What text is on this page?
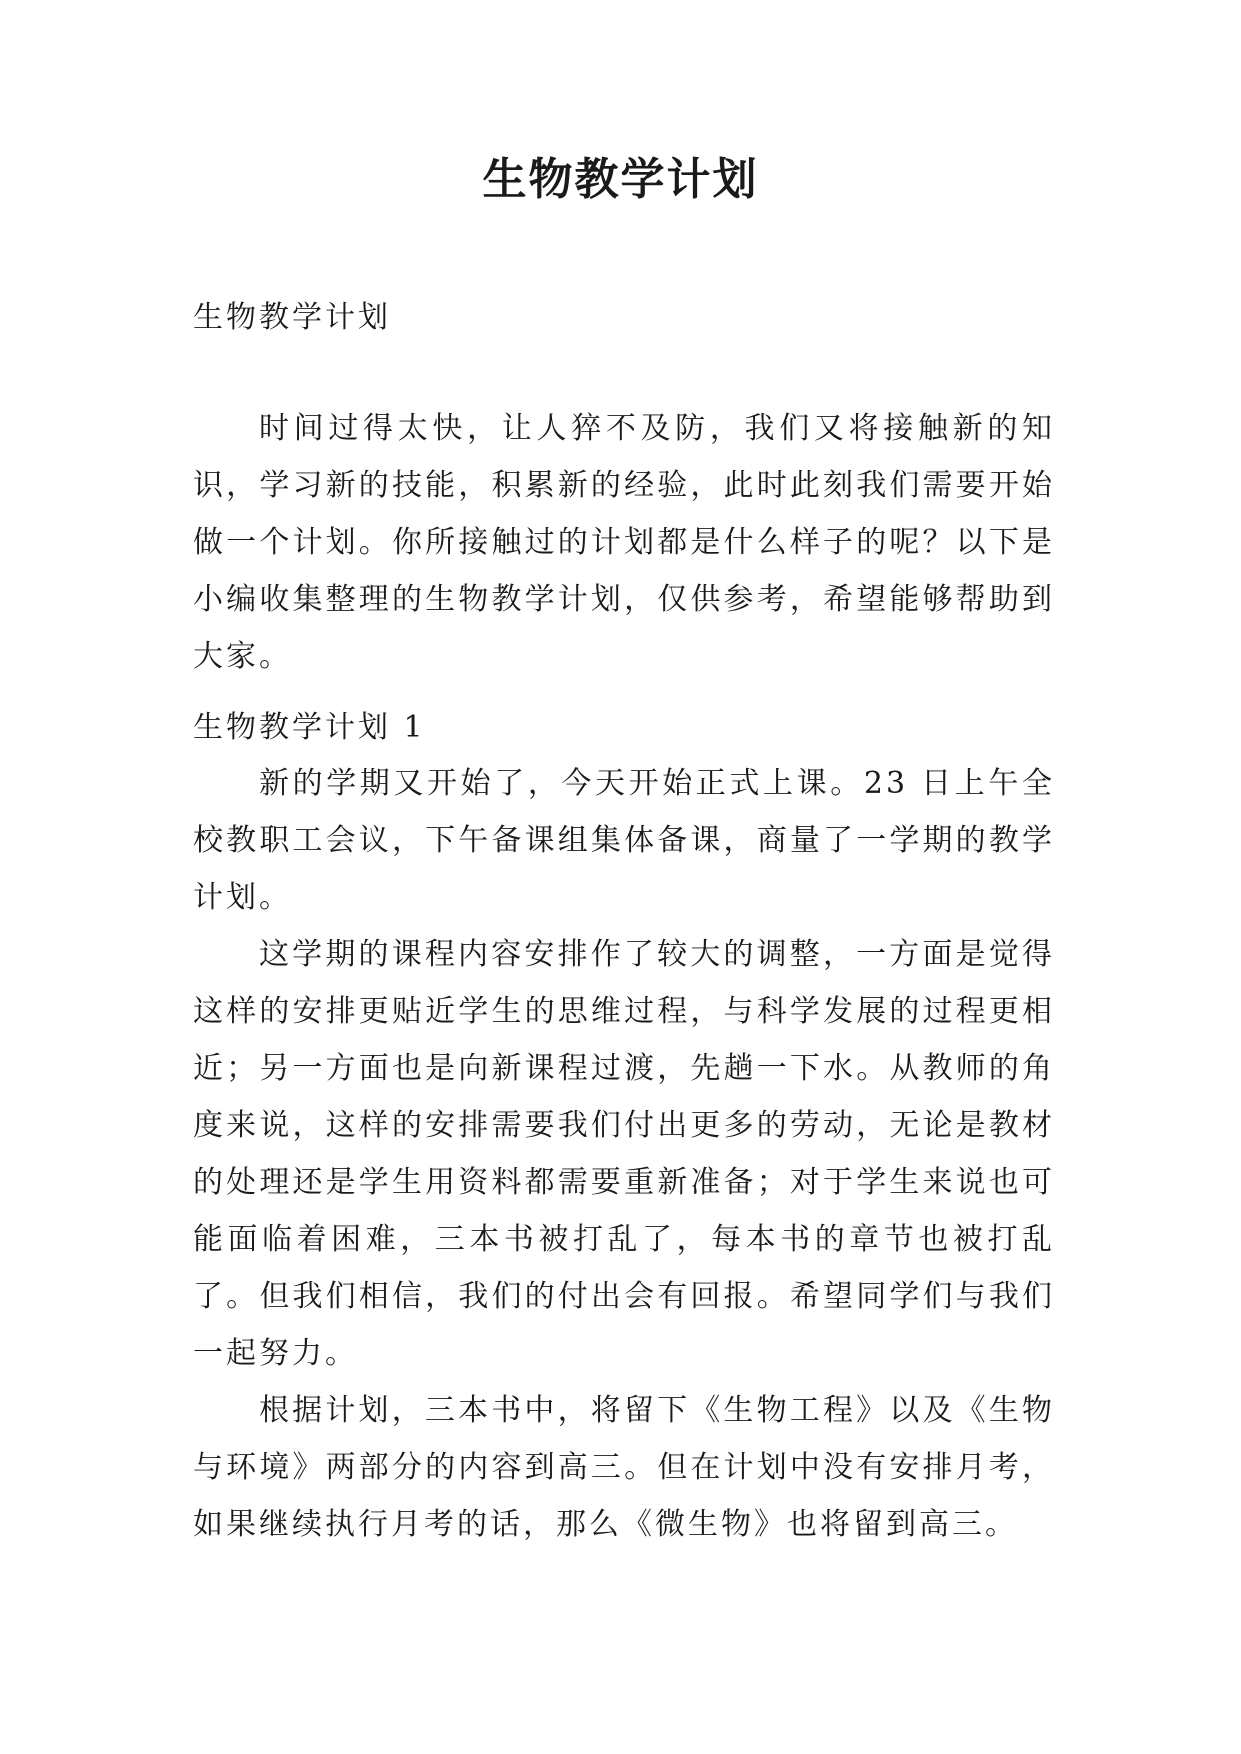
生物教学计划

生物教学计划

时间过得太快，让人猝不及防，我们又将接触新的知识，学习新的技能，积累新的经验，此时此刻我们需要开始做一个计划。你所接触过的计划都是什么样子的呢？以下是小编收集整理的生物教学计划，仅供参考，希望能够帮助到大家。

生物教学计划 1

新的学期又开始了，今天开始正式上课。23 日上午全校教职工会议，下午备课组集体备课，商量了一学期的教学计划。

这学期的课程内容安排作了较大的调整，一方面是觉得这样的安排更贴近学生的思维过程，与科学发展的过程更相近；另一方面也是向新课程过渡，先趟一下水。从教师的角度来说，这样的安排需要我们付出更多的劳动，无论是教材的处理还是学生用资料都需要重新准备；对于学生来说也可能面临着困难，三本书被打乱了，每本书的章节也被打乱了。但我们相信，我们的付出会有回报。希望同学们与我们一起努力。

根据计划，三本书中，将留下《生物工程》以及《生物与环境》两部分的内容到高三。但在计划中没有安排月考，如果继续执行月考的话，那么《微生物》也将留到高三。
